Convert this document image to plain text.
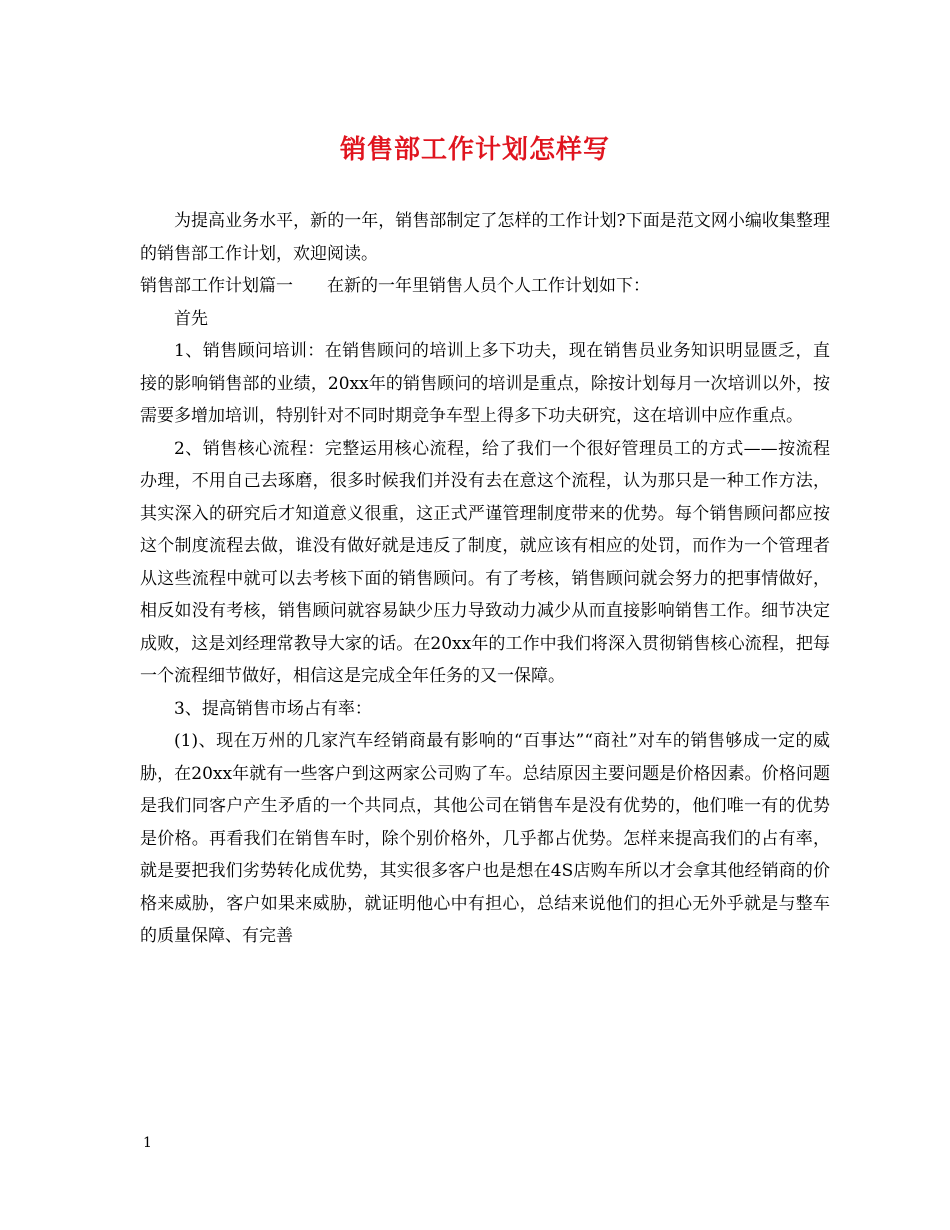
销售部工作计划怎样写

为提高业务水平，新的一年，销售部制定了怎样的工作计划?下面是范文网小编收集整理的销售部工作计划，欢迎阅读。

销售部工作计划篇一 在新的一年里销售人员个人工作计划如下：

首先

1、销售顾问培训：在销售顾问的培训上多下功夫，现在销售员业务知识明显匮乏，直接的影响销售部的业绩，20xx年的销售顾问的培训是重点，除按计划每月一次培训以外，按需要多增加培训，特别针对不同时期竞争车型上得多下功夫研究，这在培训中应作重点。

2、销售核心流程：完整运用核心流程，给了我们一个很好管理员工的方式——按流程办理，不用自己去琢磨，很多时候我们并没有去在意这个流程，认为那只是一种工作方法，其实深入的研究后才知道意义很重，这正式严谨管理制度带来的优势。每个销售顾问都应按这个制度流程去做，谁没有做好就是违反了制度，就应该有相应的处罚，而作为一个管理者从这些流程中就可以去考核下面的销售顾问。有了考核，销售顾问就会努力的把事情做好，相反如没有考核，销售顾问就容易缺少压力导致动力减少从而直接影响销售工作。细节决定成败，这是刘经理常教导大家的话。在20xx年的工作中我们将深入贯彻销售核心流程，把每一个流程细节做好，相信这是完成全年任务的又一保障。

3、提高销售市场占有率：

(1)、现在万州的几家汽车经销商最有影响的“百事达”“商社”对车的销售够成一定的威胁，在20xx年就有一些客户到这两家公司购了车。总结原因主要问题是价格因素。价格问题是我们同客户产生矛盾的一个共同点，其他公司在销售车是没有优势的，他们唯一有的优势是价格。再看我们在销售车时，除个别价格外，几乎都占优势。怎样来提高我们的占有率，就是要把我们劣势转化成优势，其实很多客户也是想在4S店购车所以才会拿其他经销商的价格来威胁，客户如果来威胁，就证明他心中有担心，总结来说他们的担心无外乎就是与整车的质量保障、有完善

1
